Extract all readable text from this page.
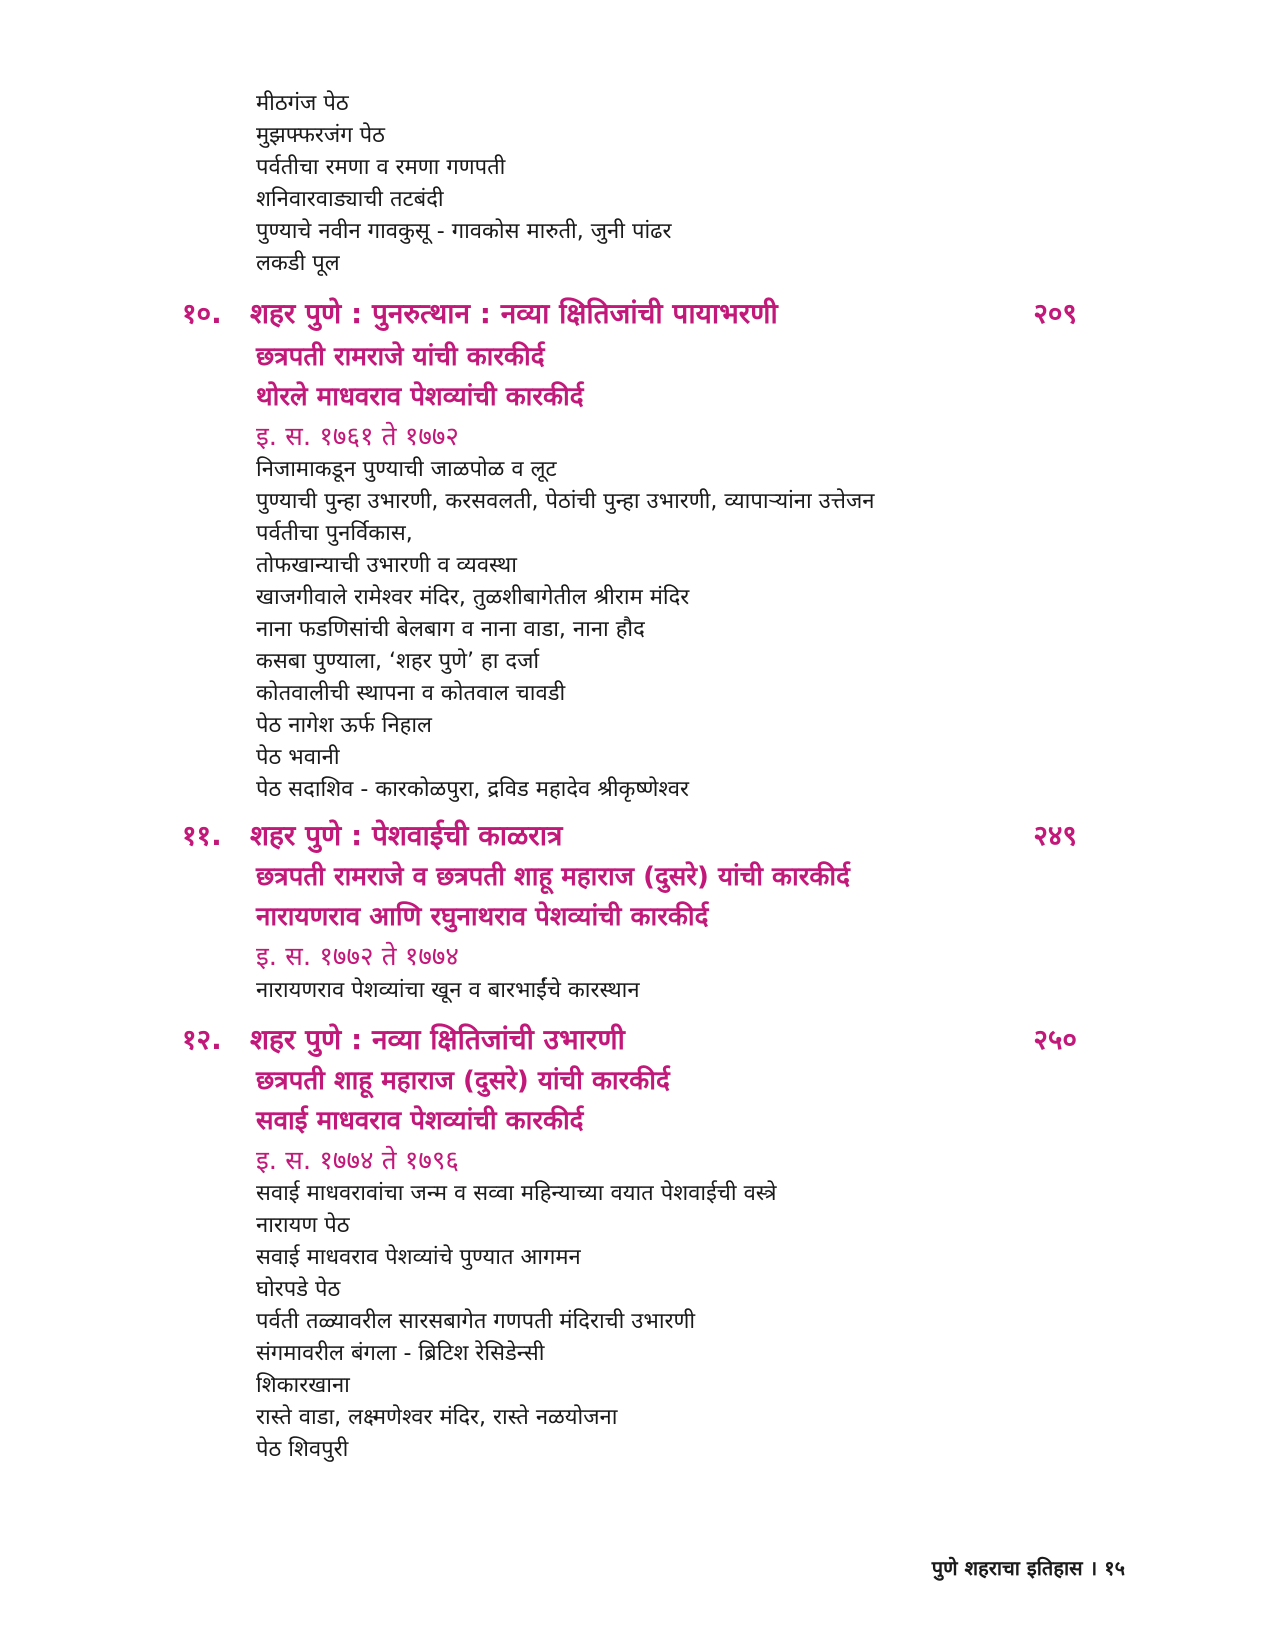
मीठगंज पेठ
मुझफ्फरजंग पेठ
पर्वतीचा रमणा व रमणा गणपती
शनिवारवाड्याची तटबंदी
पुण्याचे नवीन गावकुसू - गावकोस मारुती, जुनी पांढर
लकडी पूल
१०. शहर पुणे : पुनरुत्थान : नव्या क्षितिजांची पायाभरणी	२०९
छत्रपती रामराजे यांची कारकीर्द
थोरले माधवराव पेशव्यांची कारकीर्द
इ. स. १७६१ ते १७७२
निजामाकडून पुण्याची जाळपोळ व लूट
पुण्याची पुन्हा उभारणी, करसवलती, पेठांची पुन्हा उभारणी, व्यापाऱ्यांना उत्तेजन
पर्वतीचा पुनर्विकास,
तोफखान्याची उभारणी व व्यवस्था
खाजगीवाले रामेश्वर मंदिर, तुळशीबागेतील श्रीराम मंदिर
नाना फडणिसांची बेलबाग व नाना वाडा, नाना हौद
कसबा पुण्याला, ‘शहर पुणे’ हा दर्जा
कोतवालीची स्थापना व कोतवाल चावडी
पेठ नागेश ऊर्फ निहाल
पेठ भवानी
पेठ सदाशिव - कारकोळपुरा, द्रविड महादेव श्रीकृष्णेश्वर
११. शहर पुणे : पेशवाईची काळरात्र	२४९
छत्रपती रामराजे व छत्रपती शाहू महाराज (दुसरे) यांची कारकीर्द
नारायणराव आणि रघुनाथराव पेशव्यांची कारकीर्द
इ. स. १७७२ ते १७७४
नारायणराव पेशव्यांचा खून व बारभाईंचे कारस्थान
१२. शहर पुणे : नव्या क्षितिजांची उभारणी	२५०
छत्रपती शाहू महाराज (दुसरे) यांची कारकीर्द
सवाई माधवराव पेशव्यांची कारकीर्द
इ. स. १७७४ ते १७९६
सवाई माधवरावांचा जन्म व सव्वा महिन्याच्या वयात पेशवाईची वस्त्रे
नारायण पेठ
सवाई माधवराव पेशव्यांचे पुण्यात आगमन
घोरपडे पेठ
पर्वती तळ्यावरील सारसबागेत गणपती मंदिराची उभारणी
संगमावरील बंगला - ब्रिटिश रेसिडेन्सी
शिकारखाना
रास्ते वाडा, लक्ष्मणेश्वर मंदिर, रास्ते नळयोजना
पेठ शिवपुरी
पुणे शहराचा इतिहास । १५
